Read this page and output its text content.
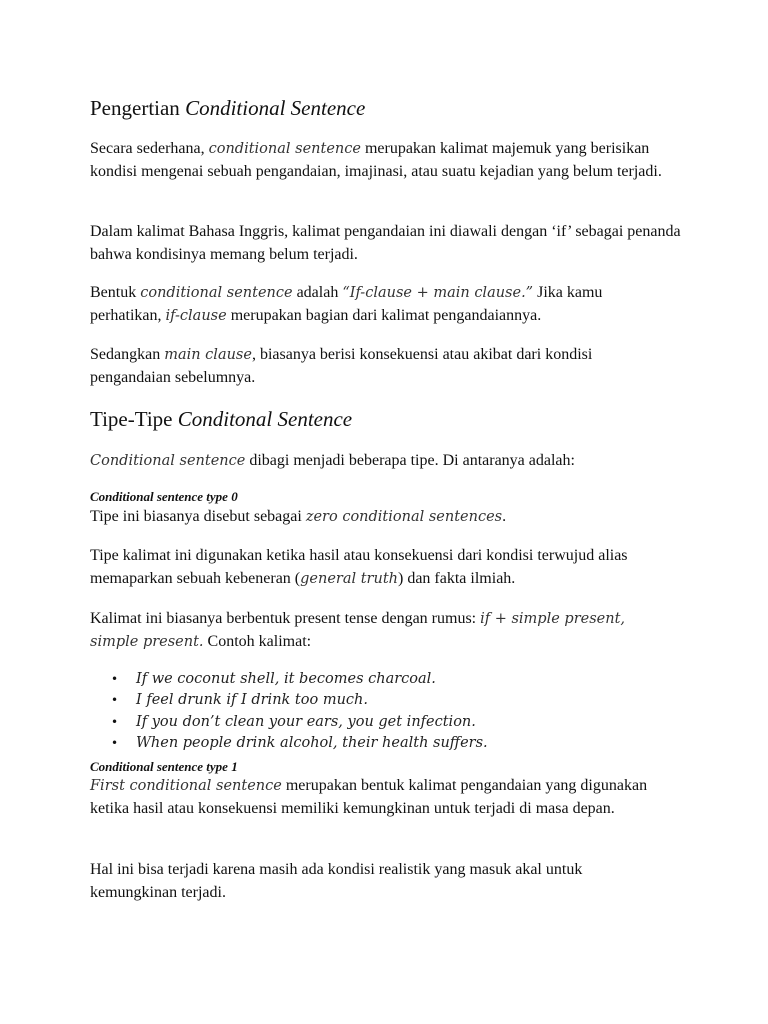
Pengertian Conditional Sentence

Secara sederhana, conditional sentence merupakan kalimat majemuk yang berisikan kondisi mengenai sebuah pengandaian, imajinasi, atau suatu kejadian yang belum terjadi.

Dalam kalimat Bahasa Inggris, kalimat pengandaian ini diawali dengan ‘if’ sebagai penanda bahwa kondisinya memang belum terjadi.

Bentuk conditional sentence adalah “If-clause + main clause.” Jika kamu perhatikan, if-clause merupakan bagian dari kalimat pengandaiannya.

Sedangkan main clause, biasanya berisi konsekuensi atau akibat dari kondisi pengandaian sebelumnya.

Tipe-Tipe Conditonal Sentence

Conditional sentence dibagi menjadi beberapa tipe. Di antaranya adalah:

Conditional sentence type 0

Tipe ini biasanya disebut sebagai zero conditional sentences.

Tipe kalimat ini digunakan ketika hasil atau konsekuensi dari kondisi terwujud alias memaparkan sebuah kebeneran (general truth) dan fakta ilmiah.

Kalimat ini biasanya berbentuk present tense dengan rumus: if + simple present, simple present. Contoh kalimat:

• If we coconut shell, it becomes charcoal.
• I feel drunk if I drink too much.
• If you don’t clean your ears, you get infection.
• When people drink alcohol, their health suffers.
Conditional sentence type 1

First conditional sentence merupakan bentuk kalimat pengandaian yang digunakan ketika hasil atau konsekuensi memiliki kemungkinan untuk terjadi di masa depan.

Hal ini bisa terjadi karena masih ada kondisi realistik yang masuk akal untuk kemungkinan terjadi.
